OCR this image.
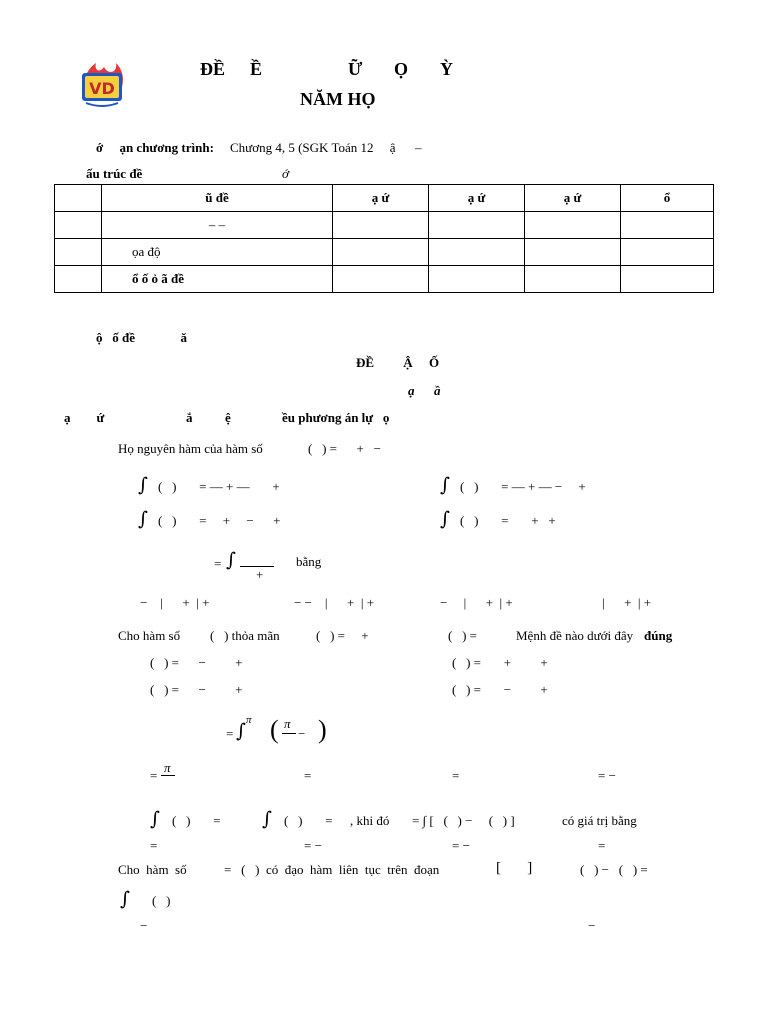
VD
ĐỀ Ề	Ữ Ọ Ỳ
NĂM HỌ
ớ     ạn chương trình: Chương 4, 5 (SGK Toán 12     ậ      –
ấu trúc đề	ớ
	ũ đề	ạ ứ	ạ ứ	ạ ứ	ổ
	– –				
	ọa độ				
	ổ ố ỏ ã đề				
ộ   ố đề              ă
ĐỀ         Ậ     Ố
ạ      ầ
ạ        ứ	ắ          ệ	ều phương án lự   ọ
Họ nguyên hàm của hàm số	(   ) =      +   −
∫ (   )       = — + —       +	∫ (   )       = — + — −     +
∫ (   )       =     +     −      +	∫ (   )       =       +   +
= ∫
+
bằng
−    |      +  | +	− −    |      +  | +	−     |      +  | +	|      +  | +
Cho hàm số (   ) thỏa mãn	(   ) =     +	(   ) =	Mệnh đề nào dưới đây đúng
(   ) =      −         +	(   ) =       +         +
(   ) =      −         +	(   ) =       −         +
= ∫ π ( π
− )
=
π
=	=	= −
∫ (   )       = ∫ (   )       = , khi đó = ∫ [   (   ) −     (   ) ]	có giá trị bằng
=	= −	= −	=
Cho  hàm  số	=   (   )  có  đạo  hàm  liên  tục  trên  đoạn	[       ]	(   ) −   (   ) =
∫ (   )
−	−
